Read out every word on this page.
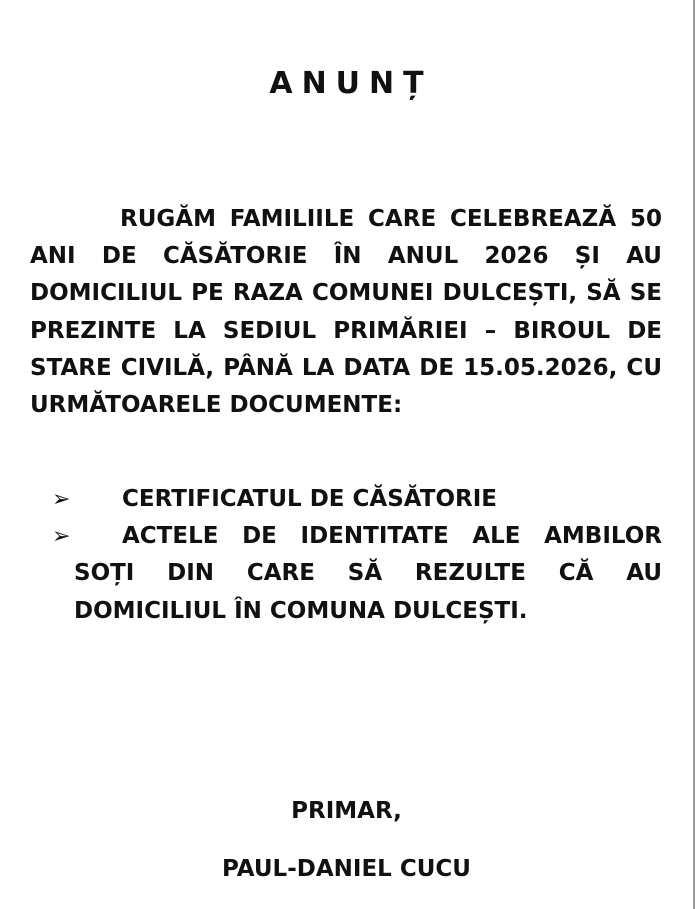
ANUNȚ

RUGĂM FAMILIILE CARE CELEBREAZĂ 50 ANI DE CĂSĂTORIE ÎN ANUL 2026 ȘI AU DOMICILIUL PE RAZA COMUNEI DULCEȘTI, SĂ SE PREZINTE LA SEDIUL PRIMĂRIEI – BIROUL DE STARE CIVILĂ, PÂNĂ LA DATA DE 15.05.2026, CU URMĂTOARELE DOCUMENTE:

➢ CERTIFICATUL DE CĂSĂTORIE
➢	ACTELE DE IDENTITATE ALE AMBILOR SOȚI DIN CARE SĂ REZULTE CĂ AU DOMICILIUL ÎN COMUNA DULCEȘTI.
PRIMAR,
PAUL-DANIEL CUCU
